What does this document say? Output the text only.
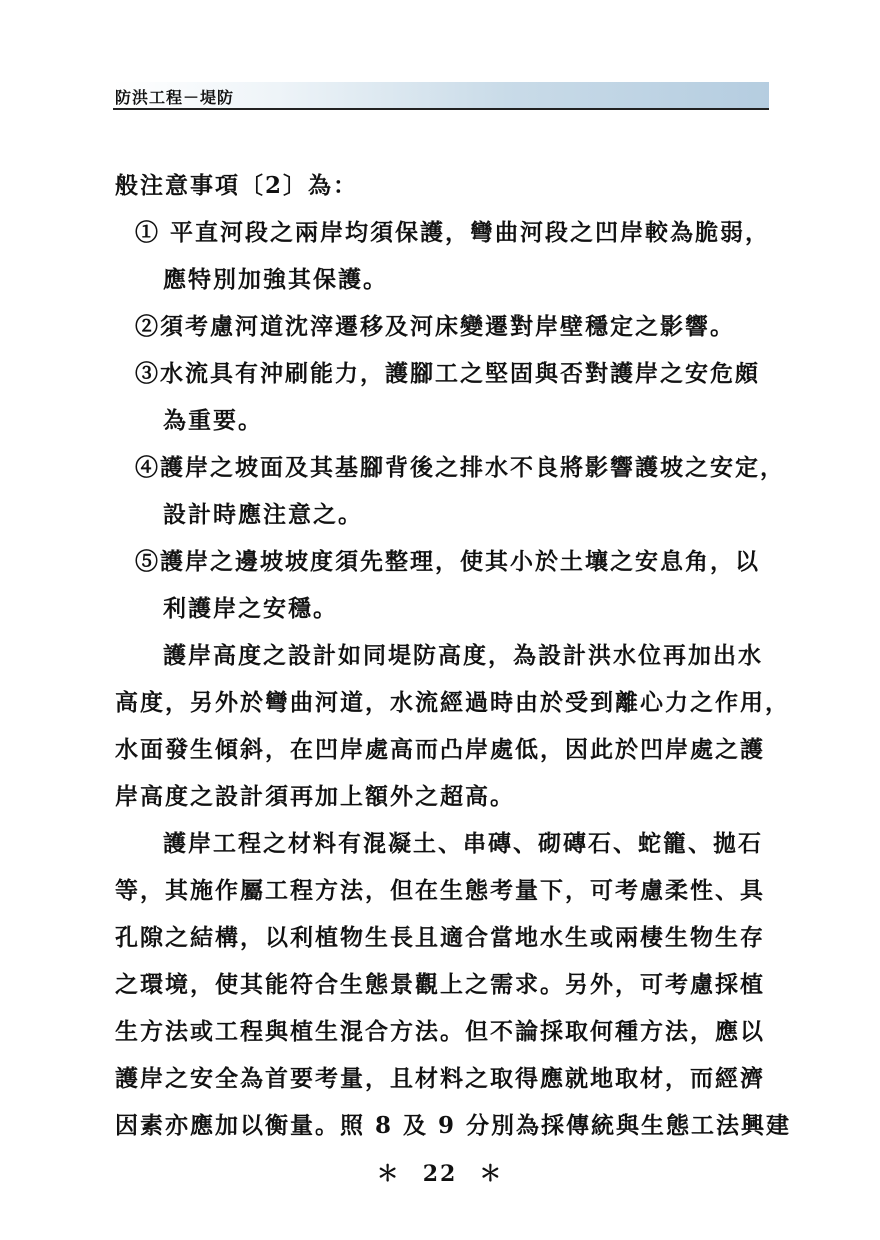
防洪工程－堤防
般注意事項〔2〕為：
① 平直河段之兩岸均須保護，彎曲河段之凹岸較為脆弱，
應特別加強其保護。
②須考慮河道沈滓遷移及河床變遷對岸壁穩定之影響。
③水流具有沖刷能力，護腳工之堅固與否對護岸之安危頗
為重要。
④護岸之坡面及其基腳背後之排水不良將影響護坡之安定，
設計時應注意之。
⑤護岸之邊坡坡度須先整理，使其小於土壤之安息角，以
利護岸之安穩。
護岸高度之設計如同堤防高度，為設計洪水位再加出水
高度，另外於彎曲河道，水流經過時由於受到離心力之作用，
水面發生傾斜，在凹岸處高而凸岸處低，因此於凹岸處之護
岸高度之設計須再加上額外之超高。
護岸工程之材料有混凝土、串磚、砌磚石、蛇籠、拋石
等，其施作屬工程方法，但在生態考量下，可考慮柔性、具
孔隙之結構，以利植物生長且適合當地水生或兩棲生物生存
之環境，使其能符合生態景觀上之需求。另外，可考慮採植
生方法或工程與植生混合方法。但不論採取何種方法，應以
護岸之安全為首要考量，且材料之取得應就地取材，而經濟
因素亦應加以衡量。照 8 及 9 分別為採傳統與生態工法興建
＊ 22 ＊
